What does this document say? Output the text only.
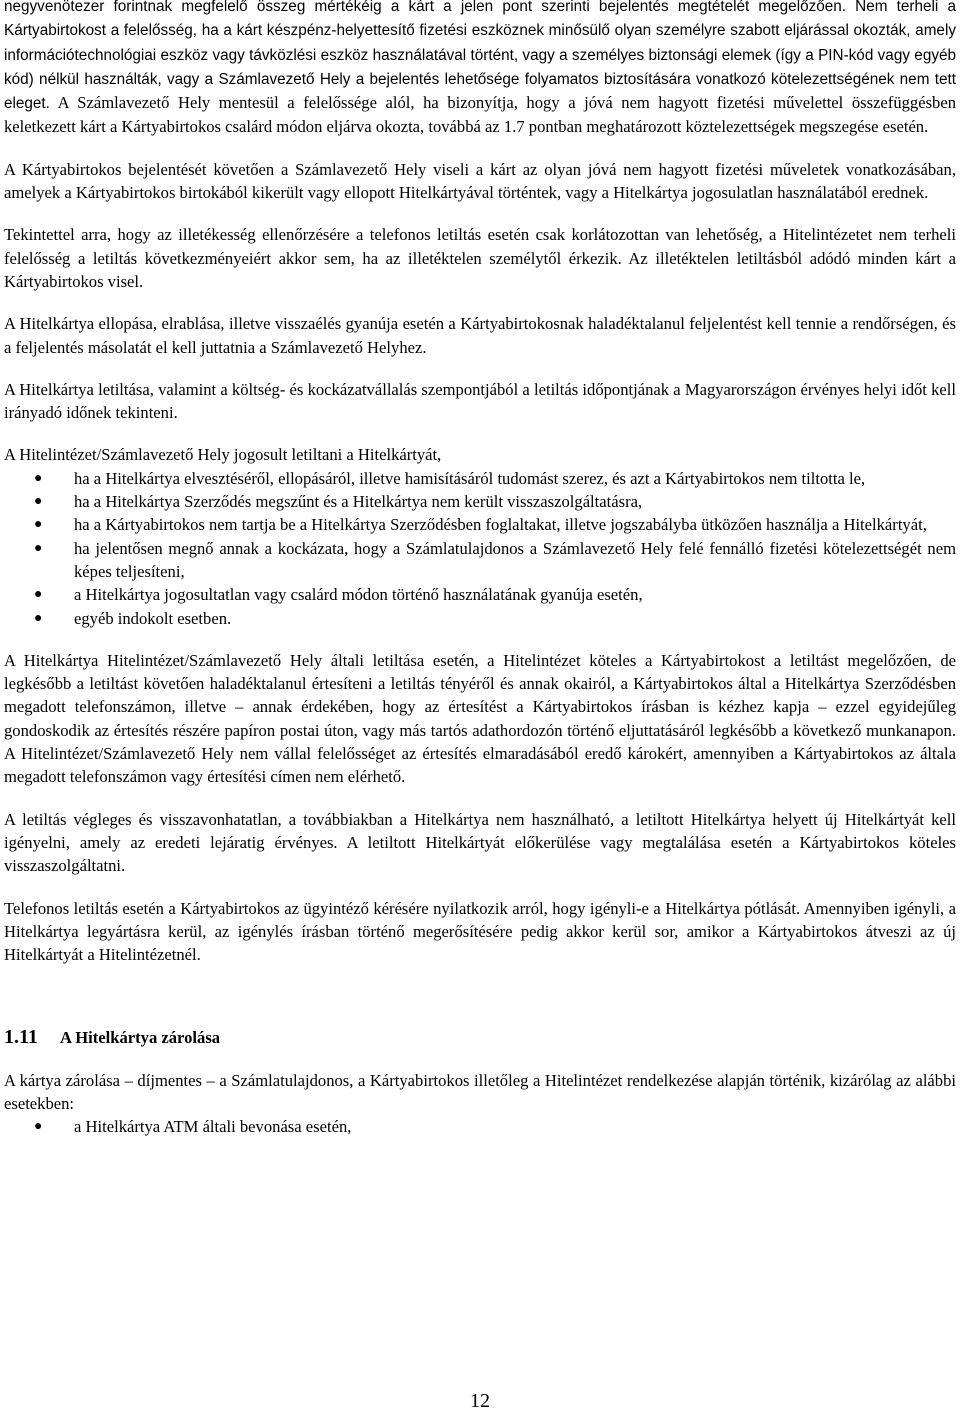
negyvenötezer forintnak megfelelő összeg mértékéig a kárt a jelen pont szerinti bejelentés megtételét megelőzően. Nem terheli a Kártyabirtokost a felelősség, ha a kárt készpénz-helyettesítő fizetési eszköznek minősülő olyan személyre szabott eljárással okozták, amely információtechnológiai eszköz vagy távközlési eszköz használatával történt, vagy a személyes biztonsági elemek (így a PIN-kód vagy egyéb kód) nélkül használták, vagy a Számlavezető Hely a bejelentés lehetősége folyamatos biztosítására vonatkozó kötelezettségének nem tett eleget. A Számlavezető Hely mentesül a felelőssége alól, ha bizonyítja, hogy a jóvá nem hagyott fizetési művelettel összefüggésben keletkezett kárt a Kártyabirtokos csalárd módon eljárva okozta, továbbá az 1.7 pontban meghatározott köztelezettségek megszegése esetén.

A Kártyabirtokos bejelentését követően a Számlavezető Hely viseli a kárt az olyan jóvá nem hagyott fizetési műveletek vonatkozásában, amelyek a Kártyabirtokos birtokából kikerült vagy ellopott Hitelkártyával történtek, vagy a Hitelkártya jogosulatlan használatából erednek.

Tekintettel arra, hogy az illetékesség ellenőrzésére a telefonos letiltás esetén csak korlátozottan van lehetőség, a Hitelintézetet nem terheli felelősség a letiltás következményeiért akkor sem, ha az illetéktelen személytől érkezik. Az illetéktelen letiltásból adódó minden kárt a Kártyabirtokos visel.

A Hitelkártya ellopása, elrablása, illetve visszaélés gyanúja esetén a Kártyabirtokosnak haladéktalanul feljelentést kell tennie a rendőrségen, és a feljelentés másolatát el kell juttatnia a Számlavezető Helyhez.

A Hitelkártya letiltása, valamint a költség- és kockázatvállalás szempontjából a letiltás időpontjának a Magyarországon érvényes helyi időt kell irányadó időnek tekinteni.

A Hitelintézet/Számlavezető Hely jogosult letiltani a Hitelkártyát,

● ha a Hitelkártya elvesztéséről, ellopásáról, illetve hamisításáról tudomást szerez, és azt a Kártyabirtokos nem tiltotta le,
● ha a Hitelkártya Szerződés megszűnt és a Hitelkártya nem került visszaszolgáltatásra,
● ha a Kártyabirtokos nem tartja be a Hitelkártya Szerződésben foglaltakat, illetve jogszabályba ütközően használja a Hitelkártyát,
● ha jelentősen megnő annak a kockázata, hogy a Számlatulajdonos a Számlavezető Hely felé fennálló fizetési kötelezettségét nem képes teljesíteni,
● a Hitelkártya jogosultatlan vagy csalárd módon történő használatának gyanúja esetén,
● egyéb indokolt esetben.

A Hitelkártya Hitelintézet/Számlavezető Hely általi letiltása esetén, a Hitelintézet köteles a Kártyabirtokost a letiltást megelőzően, de legkésőbb a letiltást követően haladéktalanul értesíteni a letiltás tényéről és annak okairól, a Kártyabirtokos által a Hitelkártya Szerződésben megadott telefonszámon, illetve – annak érdekében, hogy az értesítést a Kártyabirtokos írásban is kézhez kapja – ezzel egyidejűleg gondoskodik az értesítés részére papíron postai úton, vagy más tartós adathordozón történő eljuttatásáról legkésőbb a következő munkanapon. A Hitelintézet/Számlavezető Hely nem vállal felelősséget az értesítés elmaradásából eredő károkért, amennyiben a Kártyabirtokos az általa megadott telefonszámon vagy értesítési címen nem elérhető.

A letiltás végleges és visszavonhatatlan, a továbbiakban a Hitelkártya nem használható, a letiltott Hitelkártya helyett új Hitelkártyát kell igényelni, amely az eredeti lejáratig érvényes. A letiltott Hitelkártyát előkerülése vagy megtalálása esetén a Kártyabirtokos köteles visszaszolgáltatni.

Telefonos letiltás esetén a Kártyabirtokos az ügyintéző kérésére nyilatkozik arról, hogy igényli-e a Hitelkártya pótlását. Amennyiben igényli, a Hitelkártya legyártásra kerül, az igénylés írásban történő megerősítésére pedig akkor kerül sor, amikor a Kártyabirtokos átveszi az új Hitelkártyát a Hitelintézetnél.

1.11	A Hitelkártya zárolása

A kártya zárolása – díjmentes – a Számlatulajdonos, a Kártyabirtokos illetőleg a Hitelintézet rendelkezése alapján történik, kizárólag az alábbi esetekben:

● a Hitelkártya ATM általi bevonása esetén,
12
